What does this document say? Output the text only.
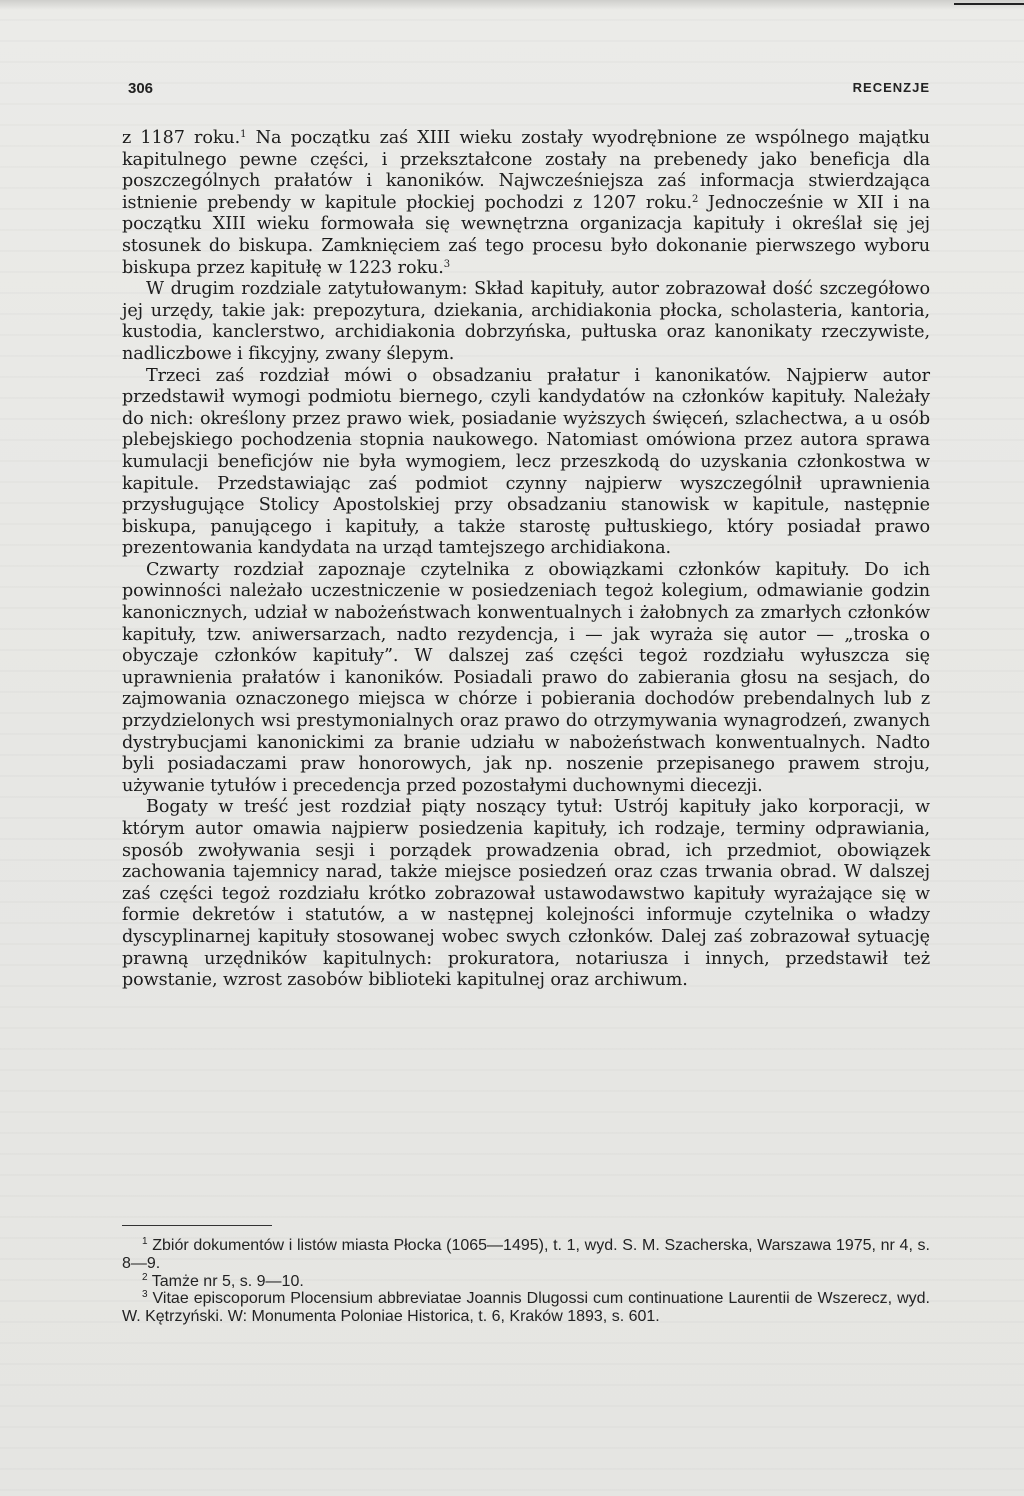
306	RECENZJE

z 1187 roku.$^1$ Na początku zaś XIII wieku zostały wyodrębnione ze wspólnego majątku kapitulnego pewne części, i przekształcone zostały na prebenedy jako beneficja dla poszczególnych prałatów i kanoników. Najwcześniejsza zaś informacja stwierdzająca istnienie prebendy w kapitule płockiej pochodzi z 1207 roku.$^2$ Jednocześnie w XII i na początku XIII wieku formowała się wewnętrzna organizacja kapituły i określał się jej stosunek do biskupa. Zamknięciem zaś tego procesu było dokonanie pierwszego wyboru biskupa przez kapitułę w 1223 roku.$^3$

W drugim rozdziale zatytułowanym: Skład kapituły, autor zobrazował dość szczegółowo jej urzędy, takie jak: prepozytura, dziekania, archidiakonia płocka, scholasteria, kantoria, kustodia, kanclerstwo, archidiakonia dobrzyńska, pułtuska oraz kanonikaty rzeczywiste, nadliczbowe i fikcyjny, zwany ślepym.

Trzeci zaś rozdział mówi o obsadzaniu prałatur i kanonikatów. Najpierw autor przedstawił wymogi podmiotu biernego, czyli kandydatów na członków kapituły. Należały do nich: określony przez prawo wiek, posiadanie wyższych święceń, szlachectwa, a u osób plebejskiego pochodzenia stopnia naukowego. Natomiast omówiona przez autora sprawa kumulacji beneficjów nie była wymogiem, lecz przeszkodą do uzyskania członkostwa w kapitule. Przedstawiając zaś podmiot czynny najpierw wyszczególnił uprawnienia przysługujące Stolicy Apostolskiej przy obsadzaniu stanowisk w kapitule, następnie biskupa, panującego i kapituły, a także starostę pułtuskiego, który posiadał prawo prezentowania kandydata na urząd tamtejszego archidiakona.

Czwarty rozdział zapoznaje czytelnika z obowiązkami członków kapituły. Do ich powinności należało uczestniczenie w posiedzeniach tegoż kolegium, odmawianie godzin kanonicznych, udział w nabożeństwach konwentualnych i żałobnych za zmarłych członków kapituły, tzw. aniwersarzach, nadto rezydencja, i — jak wyraża się autor — „troska o obyczaje członków kapituły”. W dalszej zaś części tegoż rozdziału wyłuszcza się uprawnienia prałatów i kanoników. Posiadali prawo do zabierania głosu na sesjach, do zajmowania oznaczonego miejsca w chórze i pobierania dochodów prebendalnych lub z przydzielonych wsi prestymonialnych oraz prawo do otrzymywania wynagrodzeń, zwanych dystrybucjami kanonickimi za branie udziału w nabożeństwach konwentualnych. Nadto byli posiadaczami praw honorowych, jak np. noszenie przepisanego prawem stroju, używanie tytułów i precedencja przed pozostałymi duchownymi diecezji.

Bogaty w treść jest rozdział piąty noszący tytuł: Ustrój kapituły jako korporacji, w którym autor omawia najpierw posiedzenia kapituły, ich rodzaje, terminy odprawiania, sposób zwoływania sesji i porządek prowadzenia obrad, ich przedmiot, obowiązek zachowania tajemnicy narad, także miejsce posiedzeń oraz czas trwania obrad. W dalszej zaś części tegoż rozdziału krótko zobrazował ustawodawstwo kapituły wyrażające się w formie dekretów i statutów, a w następnej kolejności informuje czytelnika o władzy dyscyplinarnej kapituły stosowanej wobec swych członków. Dalej zaś zobrazował sytuację prawną urzędników kapitulnych: prokuratora, notariusza i innych, przedstawił też powstanie, wzrost zasobów biblioteki kapitulnej oraz archiwum.

$^1$ Zbiór dokumentów i listów miasta Płocka (1065—1495), t. 1, wyd. S. M. Szacherska, Warszawa 1975, nr 4, s. 8—9.

$^2$ Tamże nr 5, s. 9—10.

$^3$ Vitae episcoporum Plocensium abbreviatae Joannis Dlugossi cum continuatione Laurentii de Wszerecz, wyd. W. Kętrzyński. W: Monumenta Poloniae Historica, t. 6, Kraków 1893, s. 601.
